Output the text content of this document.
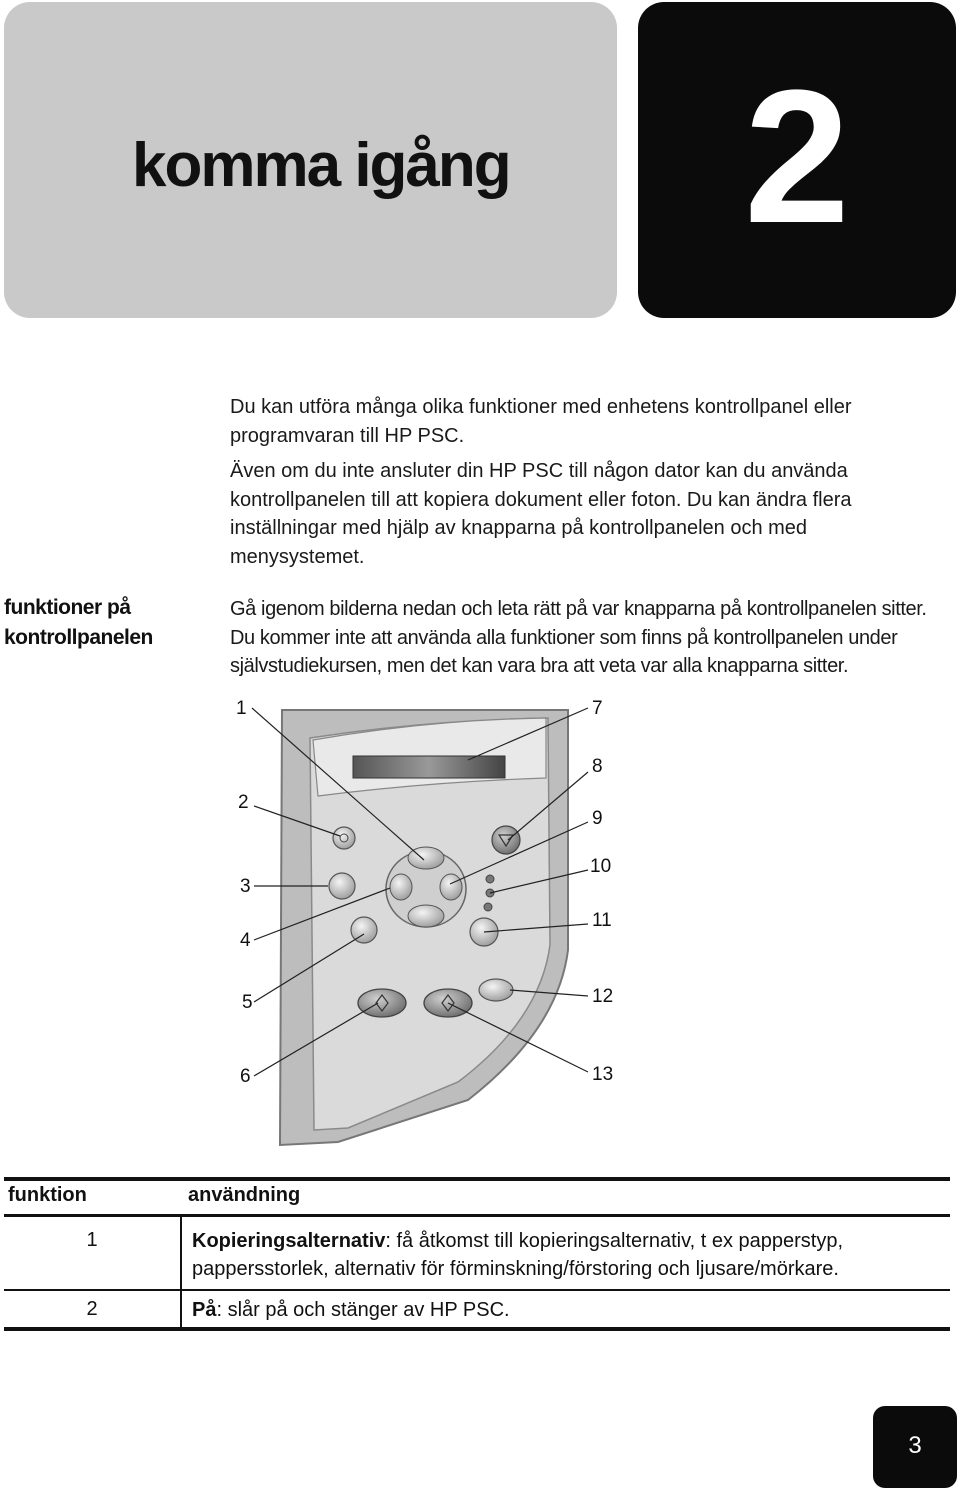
komma igång	2
Du kan utföra många olika funktioner med enhetens kontrollpanel eller programvaran till HP PSC.
Även om du inte ansluter din HP PSC till någon dator kan du använda kontrollpanelen till att kopiera dokument eller foton. Du kan ändra flera inställningar med hjälp av knapparna på kontrollpanelen och med menysystemet.
funktioner på kontrollpanelen
Gå igenom bilderna nedan och leta rätt på var knapparna på kontrollpanelen sitter. Du kommer inte att använda alla funktioner som finns på kontrollpanelen under självstudiekursen, men det kan vara bra att veta var alla knapparna sitter.
1
2
3
4
5
6
7
8
9
10
11
12
13
funktion	användning
1	Kopieringsalternativ: få åtkomst till kopieringsalternativ, t ex papperstyp, pappersstorlek, alternativ för förminskning/förstoring och ljusare/mörkare.
2	På: slår på och stänger av HP PSC.
3
